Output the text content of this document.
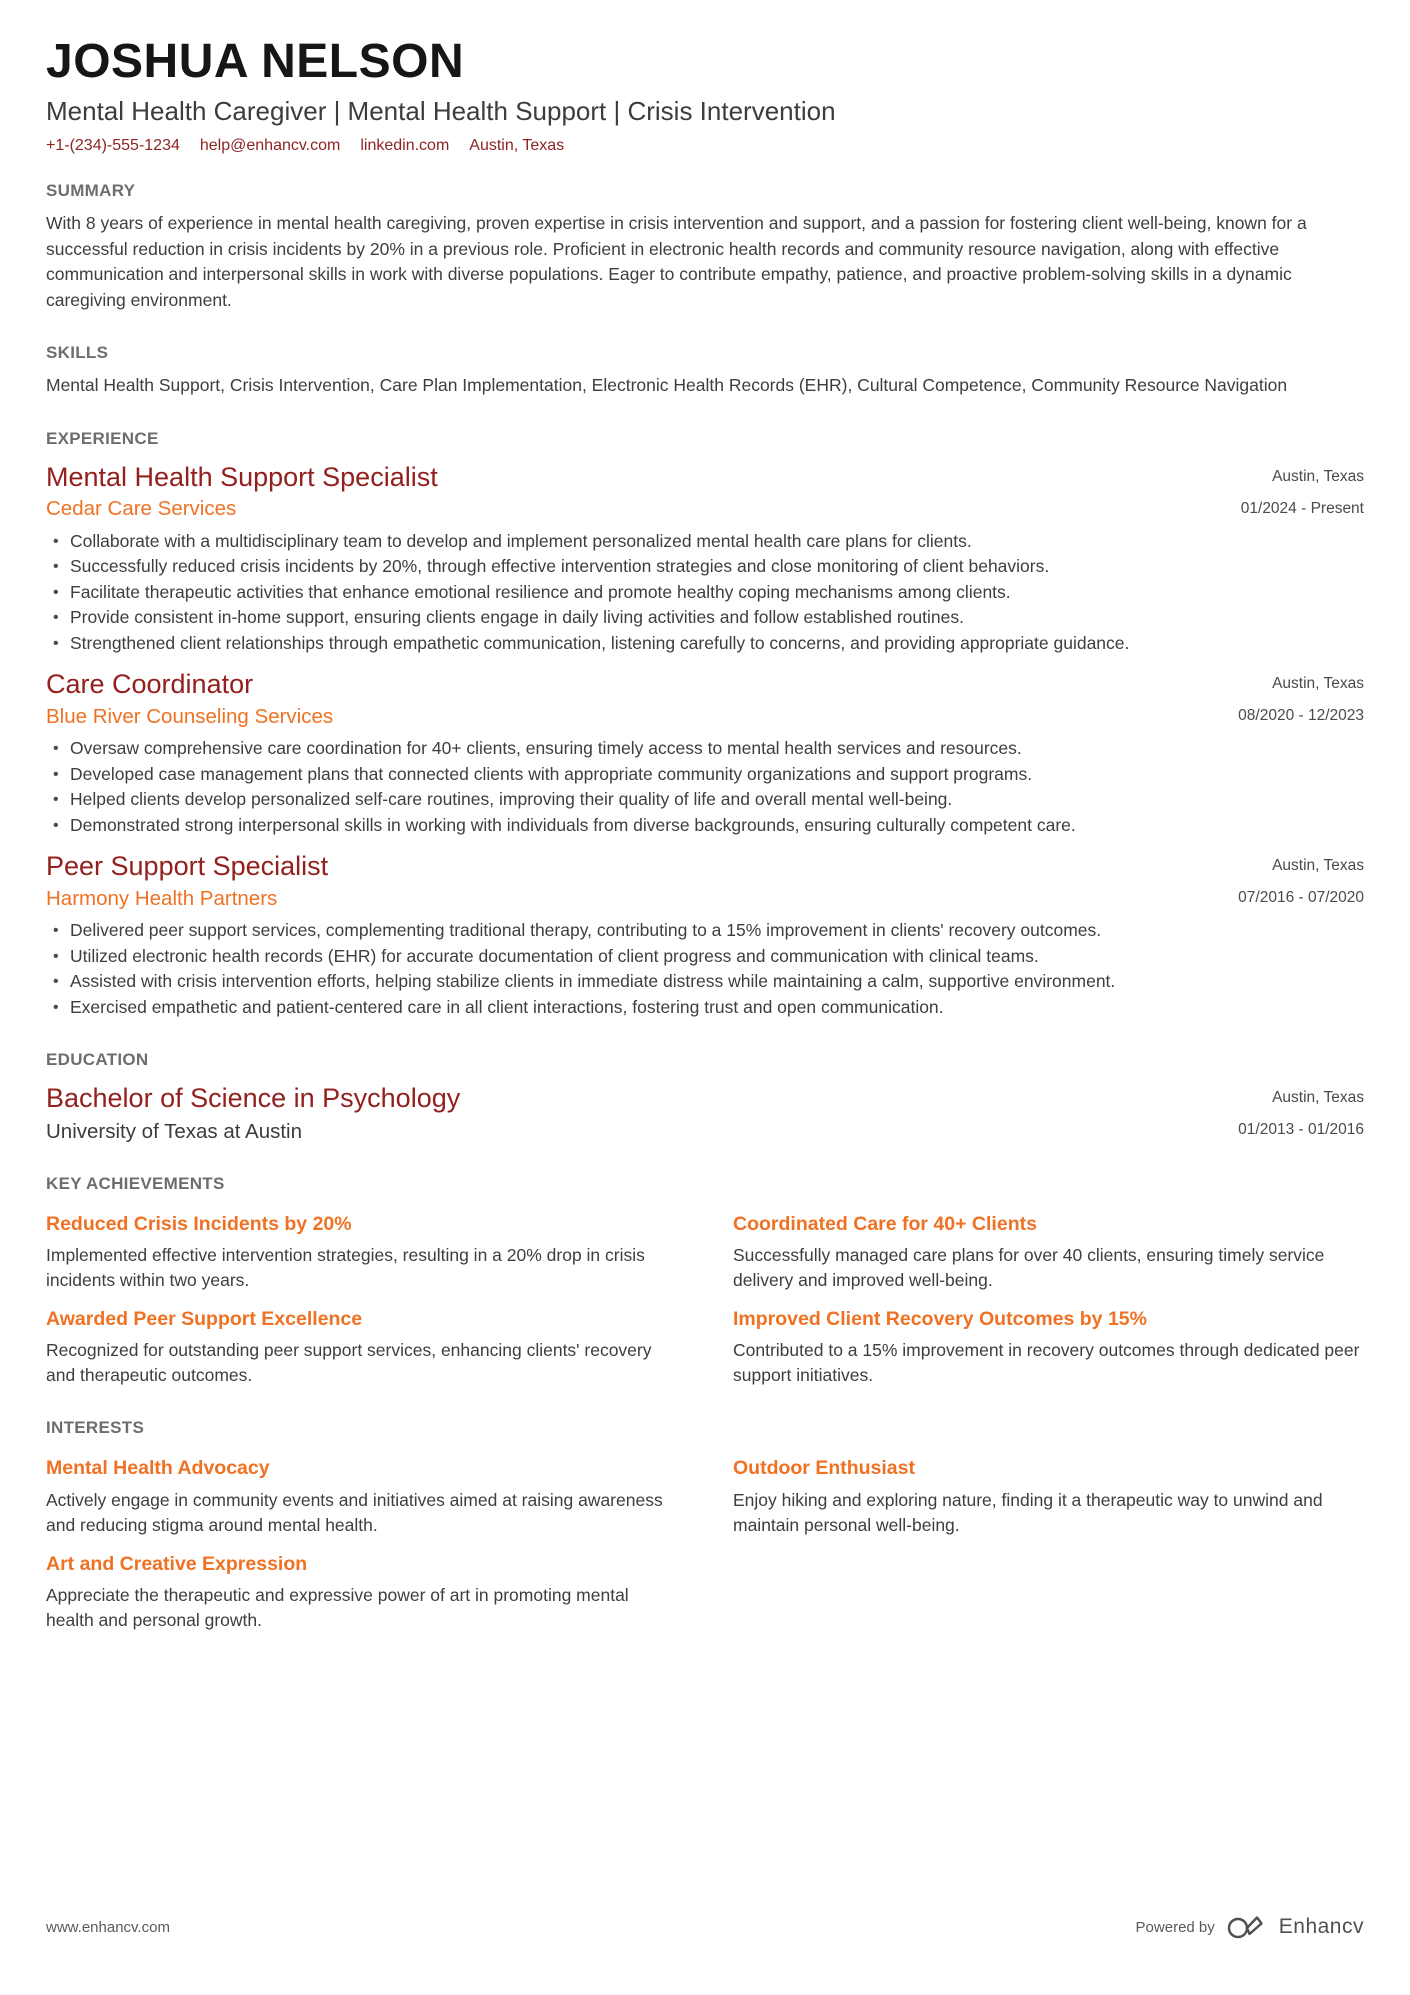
JOSHUA NELSON
Mental Health Caregiver | Mental Health Support | Crisis Intervention
+1-(234)-555-1234 help@enhancv.com linkedin.com Austin, Texas
SUMMARY

With 8 years of experience in mental health caregiving, proven expertise in crisis intervention and support, and a passion for fostering client well-being, known for a successful reduction in crisis incidents by 20% in a previous role. Proficient in electronic health records and community resource navigation, along with effective communication and interpersonal skills in work with diverse populations. Eager to contribute empathy, patience, and proactive problem-solving skills in a dynamic caregiving environment.

SKILLS

Mental Health Support, Crisis Intervention, Care Plan Implementation, Electronic Health Records (EHR), Cultural Competence, Community Resource Navigation

EXPERIENCE
Mental Health Support Specialist
Cedar Care Services
Austin, Texas
01/2024 - Present
• Collaborate with a multidisciplinary team to develop and implement personalized mental health care plans for clients.
• Successfully reduced crisis incidents by 20%, through effective intervention strategies and close monitoring of client behaviors.
• Facilitate therapeutic activities that enhance emotional resilience and promote healthy coping mechanisms among clients.
• Provide consistent in-home support, ensuring clients engage in daily living activities and follow established routines.
• Strengthened client relationships through empathetic communication, listening carefully to concerns, and providing appropriate guidance.
Care Coordinator
Blue River Counseling Services
Austin, Texas
08/2020 - 12/2023
• Oversaw comprehensive care coordination for 40+ clients, ensuring timely access to mental health services and resources.
• Developed case management plans that connected clients with appropriate community organizations and support programs.
• Helped clients develop personalized self-care routines, improving their quality of life and overall mental well-being.
• Demonstrated strong interpersonal skills in working with individuals from diverse backgrounds, ensuring culturally competent care.
Peer Support Specialist
Harmony Health Partners
Austin, Texas
07/2016 - 07/2020
• Delivered peer support services, complementing traditional therapy, contributing to a 15% improvement in clients' recovery outcomes.
• Utilized electronic health records (EHR) for accurate documentation of client progress and communication with clinical teams.
• Assisted with crisis intervention efforts, helping stabilize clients in immediate distress while maintaining a calm, supportive environment.
• Exercised empathetic and patient-centered care in all client interactions, fostering trust and open communication.
EDUCATION
Bachelor of Science in Psychology
University of Texas at Austin
Austin, Texas
01/2013 - 01/2016
KEY ACHIEVEMENTS
Reduced Crisis Incidents by 20%

Implemented effective intervention strategies, resulting in a 20% drop in crisis incidents within two years.

Coordinated Care for 40+ Clients

Successfully managed care plans for over 40 clients, ensuring timely service delivery and improved well-being.

Awarded Peer Support Excellence

Recognized for outstanding peer support services, enhancing clients' recovery and therapeutic outcomes.

Improved Client Recovery Outcomes by 15%

Contributed to a 15% improvement in recovery outcomes through dedicated peer support initiatives.

INTERESTS
Mental Health Advocacy

Actively engage in community events and initiatives aimed at raising awareness and reducing stigma around mental health.

Outdoor Enthusiast

Enjoy hiking and exploring nature, finding it a therapeutic way to unwind and maintain personal well-being.

Art and Creative Expression

Appreciate the therapeutic and expressive power of art in promoting mental health and personal growth.

www.enhancv.com	Powered by	Enhancv
